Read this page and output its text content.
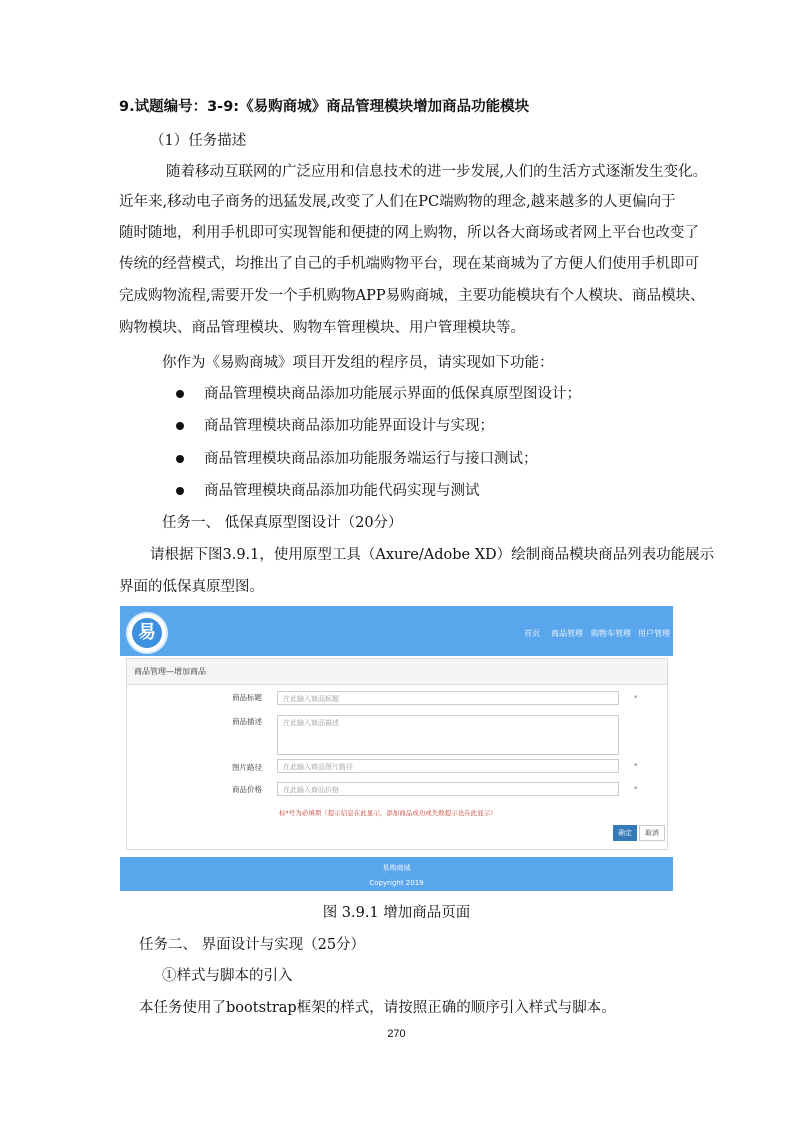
9.试题编号：3-9:《易购商城》商品管理模块增加商品功能模块
（1）任务描述
随着移动互联网的广泛应用和信息技术的进一步发展,人们的生活方式逐渐发生变化。
近年来,移动电子商务的迅猛发展,改变了人们在PC端购物的理念,越来越多的人更偏向于
随时随地，利用手机即可实现智能和便捷的网上购物，所以各大商场或者网上平台也改变了
传统的经营模式，均推出了自己的手机端购物平台，现在某商城为了方便人们使用手机即可
完成购物流程,需要开发一个手机购物APP易购商城，主要功能模块有个人模块、商品模块、
购物模块、商品管理模块、购物车管理模块、用户管理模块等。
你作为《易购商城》项目开发组的程序员，请实现如下功能：
商品管理模块商品添加功能展示界面的低保真原型图设计；
商品管理模块商品添加功能界面设计与实现；
商品管理模块商品添加功能服务端运行与接口测试；
商品管理模块商品添加功能代码实现与测试
任务一、 低保真原型图设计（20分）
请根据下图3.9.1，使用原型工具（Axure/Adobe XD）绘制商品模块商品列表功能展示
界面的低保真原型图。
易	首页 商品管理 购物车管理 用户管理
商品管理—增加商品
商品标题	在此输入商品标题	*
商品描述	在此输入商品描述
图片路径	在此输入商品图片路径	*
商品价格	在此输入商品价格	*
标*号为必填项（提示信息在此显示，添加商品成功或失败提示也在此显示）
确定	取消
易购商城
Copyright 2019
图 3.9.1 增加商品页面
任务二、 界面设计与实现（25分）
①样式与脚本的引入
本任务使用了bootstrap框架的样式，请按照正确的顺序引入样式与脚本。
270
